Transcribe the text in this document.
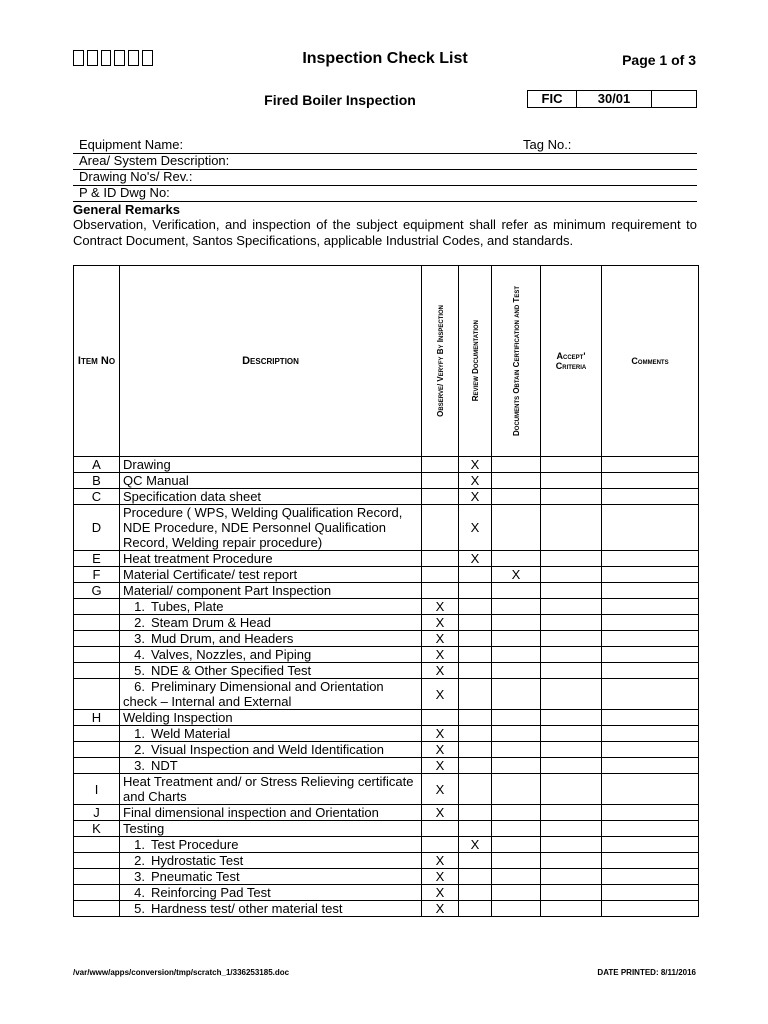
Inspection Check List	Page 1 of 3
Fired Boiler Inspection	FIC	30/01
Equipment Name:	Tag No.:
Area/ System Description:
Drawing No's/ Rev.:
P & ID Dwg No:
General Remarks
Observation, Verification, and inspection of the subject equipment shall refer as minimum requirement to Contract Document, Santos Specifications, applicable Industrial Codes, and standards.
Item No	Description	Observe/ Veryfy By Inspection	Review Documentation	Documents Obtain Certification and Test	Accept' Criteria	Comments
A	Drawing		X			
B	QC Manual		X			
C	Specification data sheet		X			
D	Procedure ( WPS, Welding Qualification Record, NDE Procedure, NDE Personnel Qualification Record, Welding repair procedure)		X			
E	Heat treatment Procedure		X			
F	Material Certificate/ test report			X		
G	Material/ component Part Inspection					
	1. Tubes, Plate	X				
	2. Steam Drum & Head	X				
	3. Mud Drum, and Headers	X				
	4. Valves, Nozzles, and Piping	X				
	5. NDE & Other Specified Test	X				
	6. Preliminary Dimensional and Orientation check – Internal and External	X				
H	Welding Inspection					
	1. Weld Material	X				
	2. Visual Inspection and Weld Identification	X				
	3. NDT	X				
I	Heat Treatment and/ or Stress Relieving certificate and Charts	X				
J	Final dimensional inspection and Orientation	X				
K	Testing					
	1. Test Procedure		X			
	2. Hydrostatic Test	X				
	3. Pneumatic Test	X				
	4. Reinforcing Pad Test	X				
	5. Hardness test/ other material test	X				
/var/www/apps/conversion/tmp/scratch_1/336253185.doc	DATE PRINTED: 8/11/2016
